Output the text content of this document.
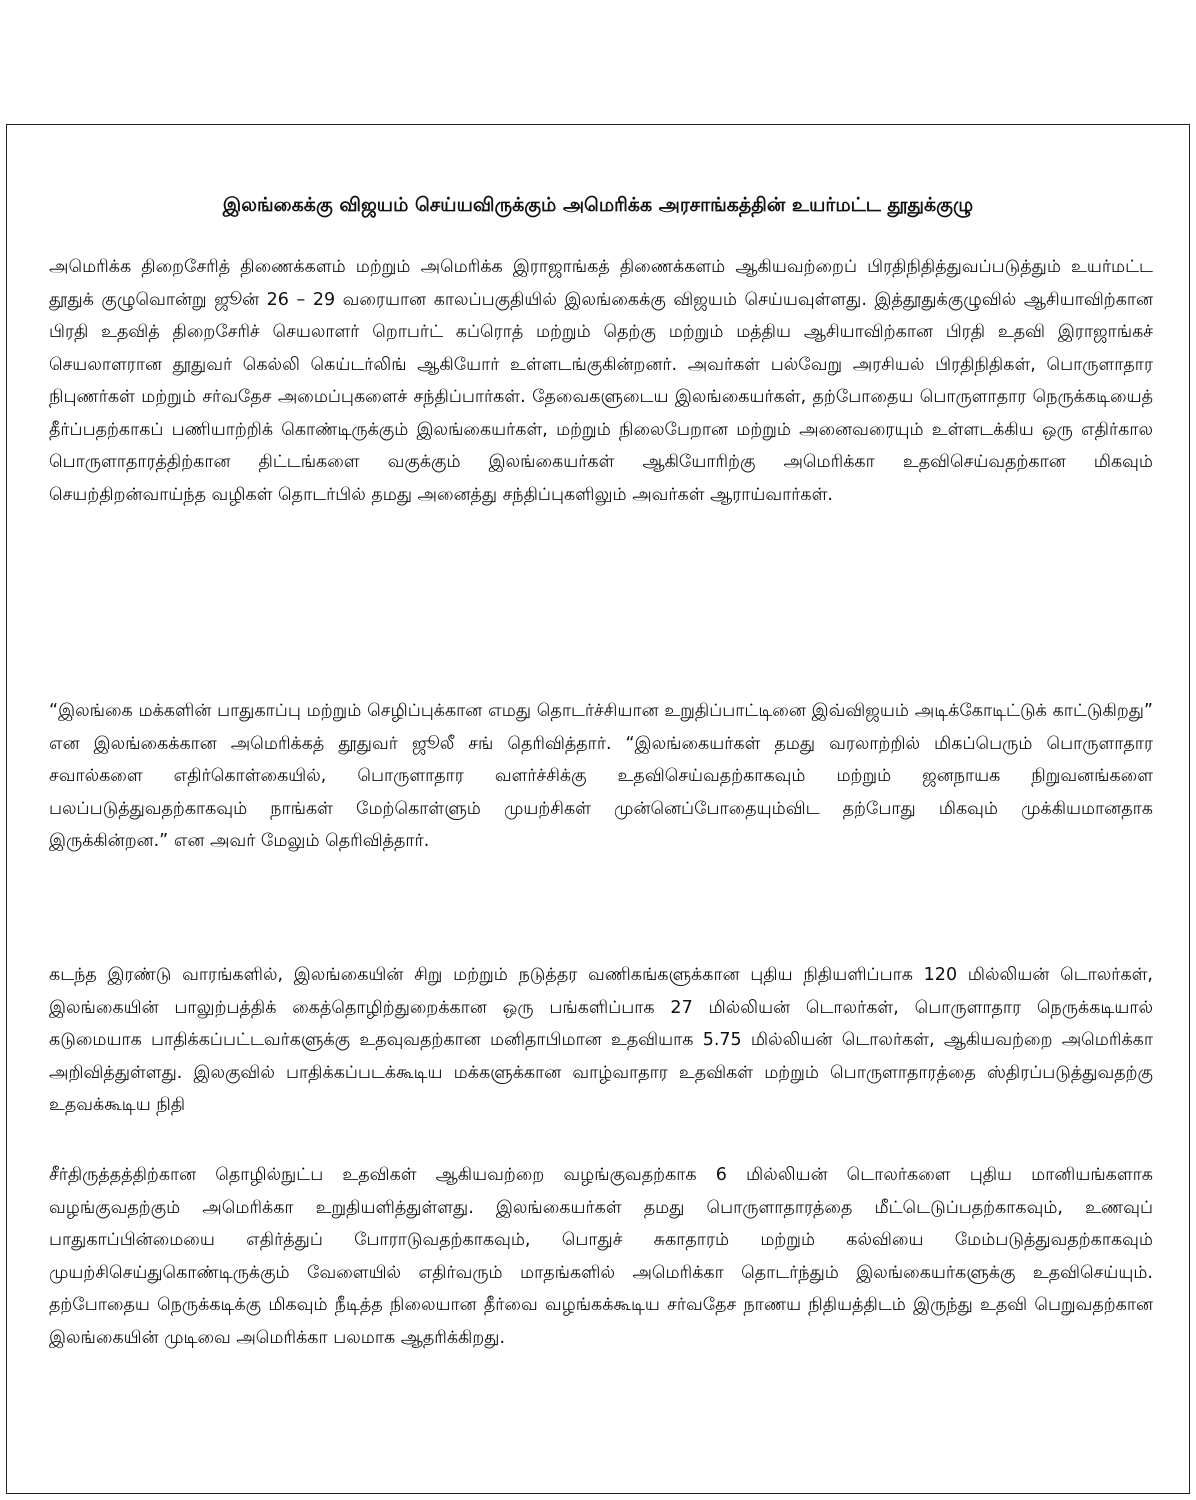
இலங்கைக்கு விஜயம் செய்யவிருக்கும் அமெரிக்க அரசாங்கத்தின் உயர்மட்ட தூதுக்குழு

அமெரிக்க திறைசேரித் திணைக்களம் மற்றும் அமெரிக்க இராஜாங்கத் திணைக்களம் ஆகியவற்றைப் பிரதிநிதித்துவப்படுத்தும் உயர்மட்ட தூதுக் குழுவொன்று ஜூன் 26 – 29 வரையான காலப்பகுதியில் இலங்கைக்கு விஜயம் செய்யவுள்ளது. இத்தூதுக்குழுவில் ஆசியாவிற்கான பிரதி உதவித் திறைசேரிச் செயலாளர் றொபர்ட் கப்ரொத் மற்றும் தெற்கு மற்றும் மத்திய ஆசியாவிற்கான பிரதி உதவி இராஜாங்கச் செயலாளரான தூதுவர் கெல்லி கெய்டர்லிங் ஆகியோர் உள்ளடங்குகின்றனர். அவர்கள் பல்வேறு அரசியல் பிரதிநிதிகள், பொருளாதார நிபுணர்கள் மற்றும் சர்வதேச அமைப்புகளைச் சந்திப்பார்கள். தேவைகளுடைய இலங்கையர்கள், தற்போதைய பொருளாதார நெருக்கடியைத் தீர்ப்பதற்காகப் பணியாற்றிக் கொண்டிருக்கும் இலங்கையர்கள், மற்றும் நிலைபேறான மற்றும் அனைவரையும் உள்ளடக்கிய ஒரு எதிர்கால பொருளாதாரத்திற்கான திட்டங்களை வகுக்கும் இலங்கையர்கள் ஆகியோரிற்கு அமெரிக்கா உதவிசெய்வதற்கான மிகவும் செயற்திறன்வாய்ந்த வழிகள் தொடர்பில் தமது அனைத்து சந்திப்புகளிலும் அவர்கள் ஆராய்வார்கள்.

“இலங்கை மக்களின் பாதுகாப்பு மற்றும் செழிப்புக்கான எமது தொடர்ச்சியான உறுதிப்பாட்டினை இவ்விஜயம் அடிக்கோடிட்டுக் காட்டுகிறது” என இலங்கைக்கான அமெரிக்கத் தூதுவர் ஜூலீ சங் தெரிவித்தார். “இலங்கையர்கள் தமது வரலாற்றில் மிகப்பெரும் பொருளாதார சவால்களை எதிர்கொள்கையில், பொருளாதார வளர்ச்சிக்கு உதவிசெய்வதற்காகவும் மற்றும் ஜனநாயக நிறுவனங்களை பலப்படுத்துவதற்காகவும் நாங்கள் மேற்கொள்ளும் முயற்சிகள் முன்னெப்போதையும்விட தற்போது மிகவும் முக்கியமானதாக இருக்கின்றன.” என அவர் மேலும் தெரிவித்தார்.

கடந்த இரண்டு வாரங்களில், இலங்கையின் சிறு மற்றும் நடுத்தர வணிகங்களுக்கான புதிய நிதியளிப்பாக 120 மில்லியன் டொலர்கள், இலங்கையின் பாலுற்பத்திக் கைத்தொழிற்துறைக்கான ஒரு பங்களிப்பாக 27 மில்லியன் டொலர்கள், பொருளாதார நெருக்கடியால் கடுமையாக பாதிக்கப்பட்டவர்களுக்கு உதவுவதற்கான மனிதாபிமான உதவியாக 5.75 மில்லியன் டொலர்கள், ஆகியவற்றை அமெரிக்கா அறிவித்துள்ளது. இலகுவில் பாதிக்கப்படக்கூடிய மக்களுக்கான வாழ்வாதார உதவிகள் மற்றும் பொருளாதாரத்தை ஸ்திரப்படுத்துவதற்கு உதவக்கூடிய நிதி

சீர்திருத்தத்திற்கான தொழில்நுட்ப உதவிகள் ஆகியவற்றை வழங்குவதற்காக 6 மில்லியன் டொலர்களை புதிய மானியங்களாக வழங்குவதற்கும் அமெரிக்கா உறுதியளித்துள்ளது. இலங்கையர்கள் தமது பொருளாதாரத்தை மீட்டெடுப்பதற்காகவும், உணவுப் பாதுகாப்பின்மையை எதிர்த்துப் போராடுவதற்காகவும், பொதுச் சுகாதாரம் மற்றும் கல்வியை மேம்படுத்துவதற்காகவும் முயற்சிசெய்துகொண்டிருக்கும் வேளையில் எதிர்வரும் மாதங்களில் அமெரிக்கா தொடர்ந்தும் இலங்கையர்களுக்கு உதவிசெய்யும். தற்போதைய நெருக்கடிக்கு மிகவும் நீடித்த நிலையான தீர்வை வழங்கக்கூடிய சர்வதேச நாணய நிதியத்திடம் இருந்து உதவி பெறுவதற்கான இலங்கையின் முடிவை அமெரிக்கா பலமாக ஆதரிக்கிறது.
